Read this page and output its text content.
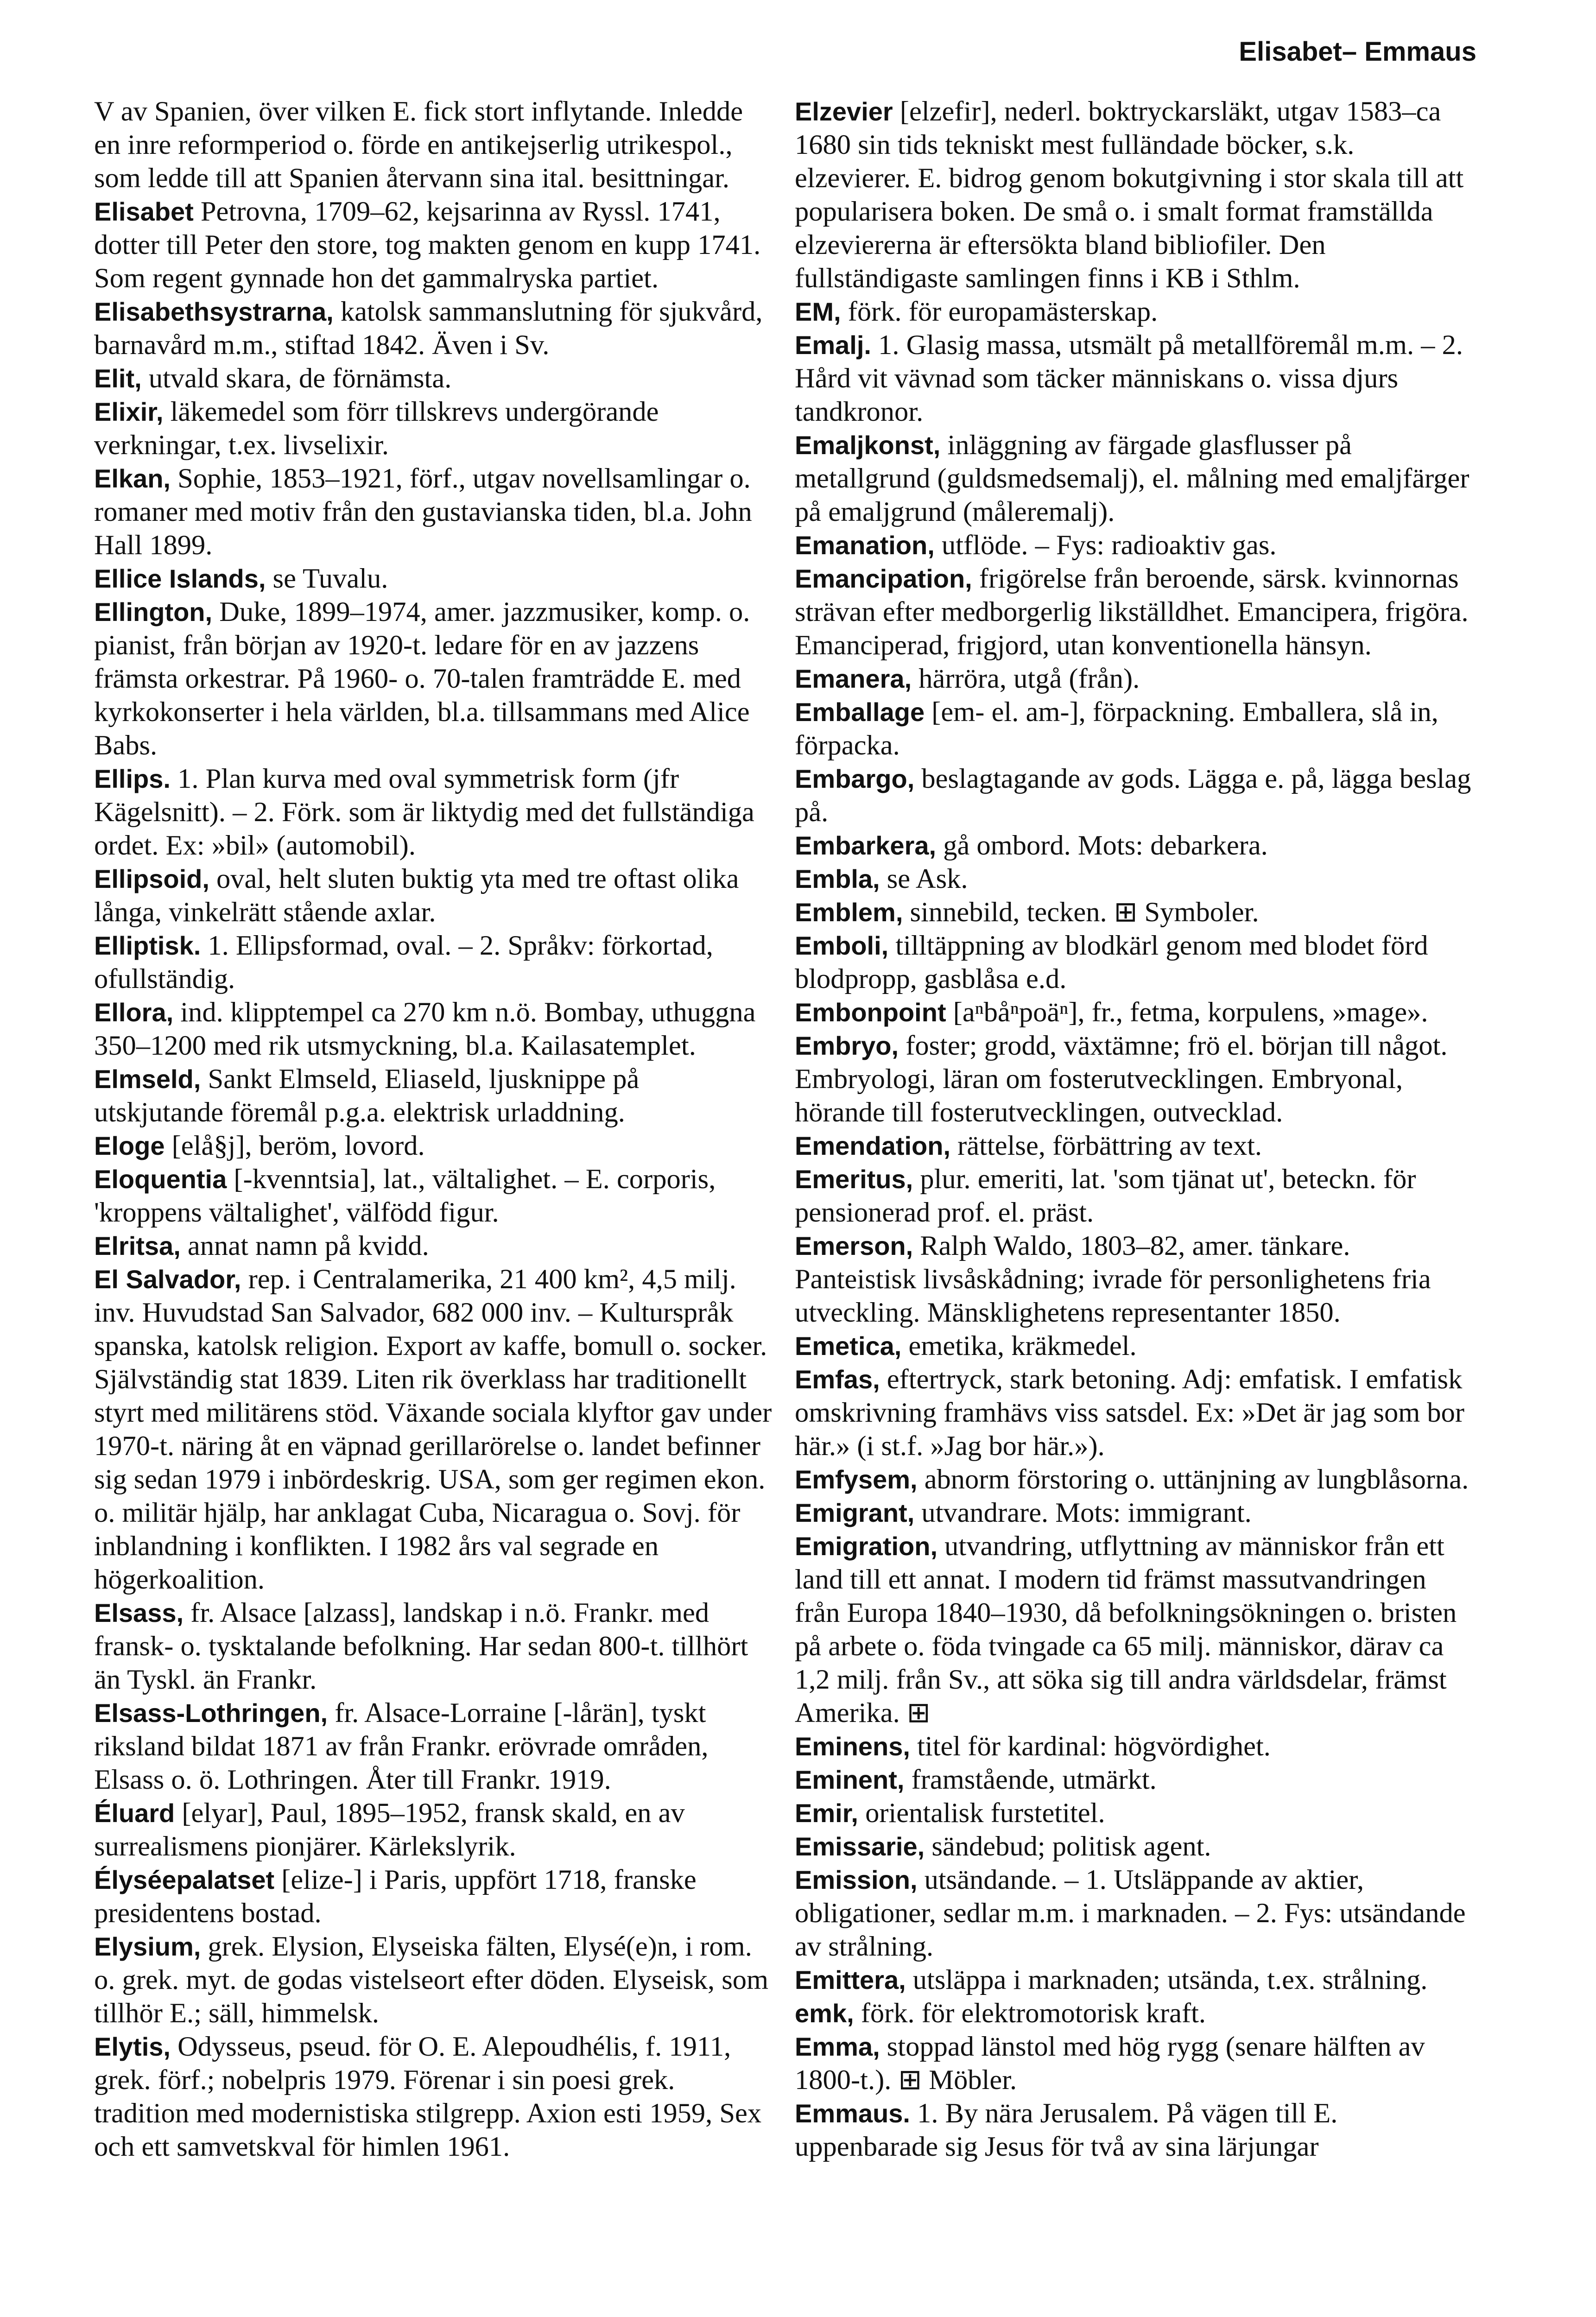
Elisabet– Emmaus

V av Spanien, över vilken E. fick stort inflytande. Inledde en inre reformperiod o. förde en antikejserlig utrikespol., som ledde till att Spanien återvann sina ital. besittningar.

Elisabet Petrovna, 1709–62, kejsarinna av Ryssl. 1741, dotter till Peter den store, tog makten genom en kupp 1741. Som regent gynnade hon det gammalryska partiet.

Elisabethsystrarna, katolsk sammanslutning för sjukvård, barnavård m.m., stiftad 1842. Även i Sv.

Elit, utvald skara, de förnämsta.

Elixir, läkemedel som förr tillskrevs undergörande verkningar, t.ex. livselixir.

Elkan, Sophie, 1853–1921, förf., utgav novellsamlingar o. romaner med motiv från den gustavianska tiden, bl.a. John Hall 1899.

Ellice Islands, se Tuvalu.

Ellington, Duke, 1899–1974, amer. jazzmusiker, komp. o. pianist, från början av 1920-t. ledare för en av jazzens främsta orkestrar. På 1960- o. 70-talen framträdde E. med kyrkokonserter i hela världen, bl.a. tillsammans med Alice Babs.

Ellips. 1. Plan kurva med oval symmetrisk form (jfr Kägelsnitt). – 2. Förk. som är liktydig med det fullständiga ordet. Ex: »bil» (automobil).

Ellipsoid, oval, helt sluten buktig yta med tre oftast olika långa, vinkelrätt stående axlar.

Elliptisk. 1. Ellipsformad, oval. – 2. Språkv: förkortad, ofullständig.

Ellora, ind. klipptempel ca 270 km n.ö. Bombay, uthuggna 350–1200 med rik utsmyckning, bl.a. Kailasatemplet.

Elmseld, Sankt Elmseld, Eliaseld, ljusknippe på utskjutande föremål p.g.a. elektrisk urladdning.

Eloge [elå§j], beröm, lovord.

Eloquentia [-kvenntsia], lat., vältalighet. – E. corporis, 'kroppens vältalighet', välfödd figur.

Elritsa, annat namn på kvidd.

El Salvador, rep. i Centralamerika, 21 400 km², 4,5 milj. inv. Huvudstad San Salvador, 682 000 inv. – Kulturspråk spanska, katolsk religion. Export av kaffe, bomull o. socker. Självständig stat 1839. Liten rik överklass har traditionellt styrt med militärens stöd. Växande sociala klyftor gav under 1970-t. näring åt en väpnad gerillarörelse o. landet befinner sig sedan 1979 i inbördeskrig. USA, som ger regimen ekon. o. militär hjälp, har anklagat Cuba, Nicaragua o. Sovj. för inblandning i konflikten. I 1982 års val segrade en högerkoalition.

Elsass, fr. Alsace [alzass], landskap i n.ö. Frankr. med fransk- o. tysktalande befolkning. Har sedan 800-t. tillhört än Tyskl. än Frankr.

Elsass-Lothringen, fr. Alsace-Lorraine [-lårän], tyskt riksland bildat 1871 av från Frankr. erövrade områden, Elsass o. ö. Lothringen. Åter till Frankr. 1919.

Éluard [elyar], Paul, 1895–1952, fransk skald, en av surrealismens pionjärer. Kärlekslyrik.

Élyséepalatset [elize-] i Paris, uppfört 1718, franske presidentens bostad.

Elysium, grek. Elysion, Elyseiska fälten, Elysé(e)n, i rom. o. grek. myt. de godas vistelseort efter döden. Elyseisk, som tillhör E.; säll, himmelsk.

Elytis, Odysseus, pseud. för O. E. Alepoudhélis, f. 1911, grek. förf.; nobelpris 1979. Förenar i sin poesi grek. tradition med modernistiska stilgrepp. Axion esti 1959, Sex och ett samvetskval för himlen 1961.

Elzevier [elzefir], nederl. boktryckarsläkt, utgav 1583–ca 1680 sin tids tekniskt mest fulländade böcker, s.k. elzevierer. E. bidrog genom bokutgivning i stor skala till att popularisera boken. De små o. i smalt format framställda elzeviererna är eftersökta bland bibliofiler. Den fullständigaste samlingen finns i KB i Sthlm.

EM, förk. för europamästerskap.

Emalj. 1. Glasig massa, utsmält på metallföremål m.m. – 2. Hård vit vävnad som täcker människans o. vissa djurs tandkronor.

Emaljkonst, inläggning av färgade glasflusser på metallgrund (guldsmedsemalj), el. målning med emaljfärger på emaljgrund (måleremalj).

Emanation, utflöde. – Fys: radioaktiv gas.

Emancipation, frigörelse från beroende, särsk. kvinnornas strävan efter medborgerlig likställdhet. Emancipera, frigöra. Emanciperad, frigjord, utan konventionella hänsyn.

Emanera, härröra, utgå (från).

Emballage [em- el. am-], förpackning. Emballera, slå in, förpacka.

Embargo, beslagtagande av gods. Lägga e. på, lägga beslag på.

Embarkera, gå ombord. Mots: debarkera.

Embla, se Ask.

Emblem, sinnebild, tecken. ⊞ Symboler.

Emboli, tilltäppning av blodkärl genom med blodet förd blodpropp, gasblåsa e.d.

Embonpoint [aⁿbåⁿpoäⁿ], fr., fetma, korpulens, »mage».

Embryo, foster; grodd, växtämne; frö el. början till något. Embryologi, läran om fosterutvecklingen. Embryonal, hörande till fosterutvecklingen, outvecklad.

Emendation, rättelse, förbättring av text.

Emeritus, plur. emeriti, lat. 'som tjänat ut', beteckn. för pensionerad prof. el. präst.

Emerson, Ralph Waldo, 1803–82, amer. tänkare. Panteistisk livsåskådning; ivrade för personlighetens fria utveckling. Mänsklighetens representanter 1850.

Emetica, emetika, kräkmedel.

Emfas, eftertryck, stark betoning. Adj: emfatisk. I emfatisk omskrivning framhävs viss satsdel. Ex: »Det är jag som bor här.» (i st.f. »Jag bor här.»).

Emfysem, abnorm förstoring o. uttänjning av lungblåsorna.

Emigrant, utvandrare. Mots: immigrant.

Emigration, utvandring, utflyttning av människor från ett land till ett annat. I modern tid främst massutvandringen från Europa 1840–1930, då befolkningsökningen o. bristen på arbete o. föda tvingade ca 65 milj. människor, därav ca 1,2 milj. från Sv., att söka sig till andra världsdelar, främst Amerika. ⊞

Eminens, titel för kardinal: högvördighet.

Eminent, framstående, utmärkt.

Emir, orientalisk furstetitel.

Emissarie, sändebud; politisk agent.

Emission, utsändande. – 1. Utsläppande av aktier, obligationer, sedlar m.m. i marknaden. – 2. Fys: utsändande av strålning.

Emittera, utsläppa i marknaden; utsända, t.ex. strålning.

emk, förk. för elektromotorisk kraft.

Emma, stoppad länstol med hög rygg (senare hälften av 1800-t.). ⊞ Möbler.

Emmaus. 1. By nära Jerusalem. På vägen till E. uppenbarade sig Jesus för två av sina lärjungar
